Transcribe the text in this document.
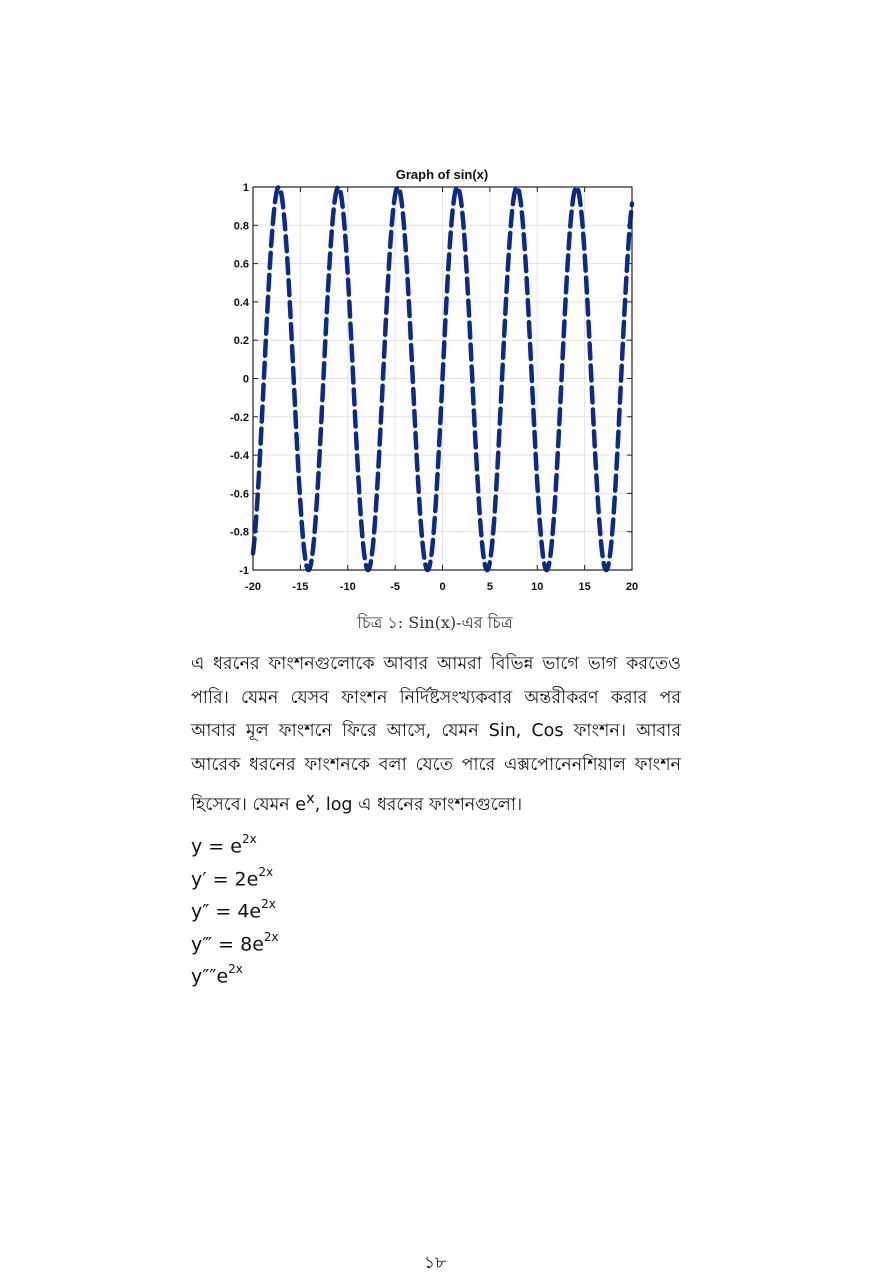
Graph of sin(x)
1
0.8
0.6
0.4
0.2
0
-0.2
-0.4
-0.6
-0.8
-1
-20	-15	-10	-5	0	5	10	15	20
চিত্র ১: Sin(x)-এর চিত্র

এ ধরনের ফাংশনগুলোকে আবার আমরা বিভিন্ন ভাগে ভাগ করতেও পারি। যেমন যেসব ফাংশন নির্দিষ্টসংখ্যকবার অন্তরীকরণ করার পর আবার মূল ফাংশনে ফিরে আসে, যেমন Sin, Cos ফাংশন। আবার আরেক ধরনের ফাংশনকে বলা যেতে পারে এক্সপোনেনশিয়াল ফাংশন হিসেবে। যেমন $e^x$, log এ ধরনের ফাংশনগুলো।

$y = e^{2x}$
$y' = 2e^{2x}$
$y'' = 4e^{2x}$
y‴ = $8e^{2x}$
$y''''e^{2x}$
১৮
